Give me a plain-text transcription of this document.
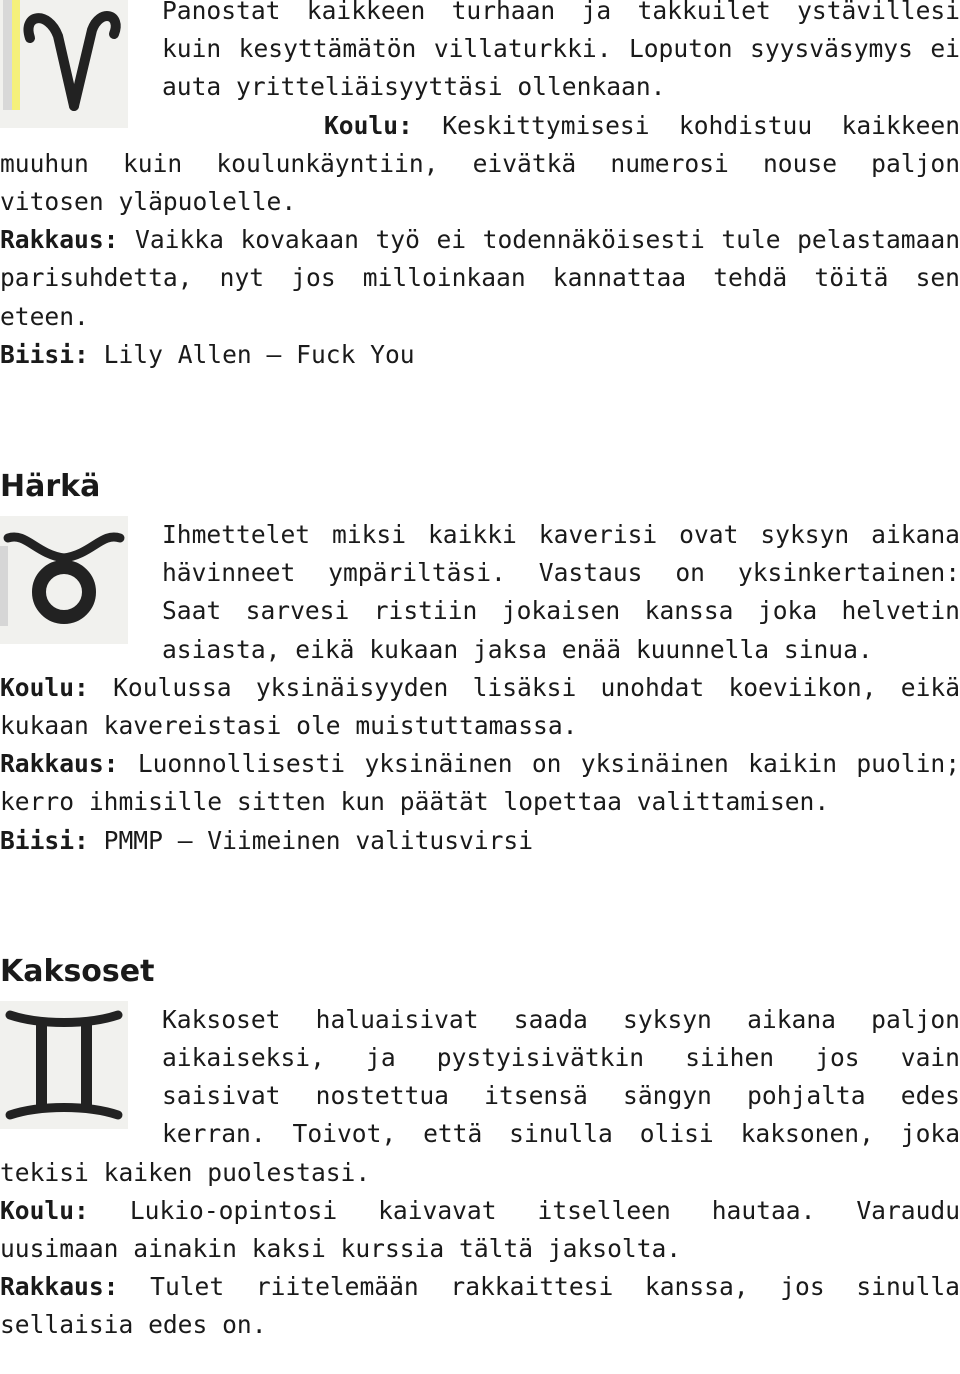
Panostat kaikkeen turhaan ja takkuilet ystävillesi kuin kesyttämätön villaturkki. Loputon syysväsymys ei auta yritteliäisyyttäsi ollenkaan.

Koulu: Keskittymisesi kohdistuu kaikkeen muuhun kuin koulunkäyntiin, eivätkä numerosi nouse paljon vitosen yläpuolelle.

Rakkaus: Vaikka kovakaan työ ei todennäköisesti tule pelastamaan parisuhdetta, nyt jos milloinkaan kannattaa tehdä töitä sen eteen.

Biisi: Lily Allen – Fuck You

Härkä

Ihmettelet miksi kaikki kaverisi ovat syksyn aikana hävinneet ympäriltäsi. Vastaus on yksinkertainen: Saat sarvesi ristiin jokaisen kanssa joka helvetin asiasta, eikä kukaan jaksa enää kuunnella sinua.

Koulu: Koulussa yksinäisyyden lisäksi unohdat koeviikon, eikä kukaan kavereistasi ole muistuttamassa.

Rakkaus: Luonnollisesti yksinäinen on yksinäinen kaikin puolin; kerro ihmisille sitten kun päätät lopettaa valittamisen.

Biisi: PMMP – Viimeinen valitusvirsi

Kaksoset

Kaksoset haluaisivat saada syksyn aikana paljon aikaiseksi, ja pystyisivätkin siihen jos vain saisivat nostettua itsensä sängyn pohjalta edes kerran. Toivot, että sinulla olisi kaksonen, joka tekisi kaiken puolestasi.

Koulu: Lukio-opintosi kaivavat itselleen hautaa. Varaudu uusimaan ainakin kaksi kurssia tältä jaksolta.

Rakkaus: Tulet riitelemään rakkaittesi kanssa, jos sinulla sellaisia edes on.
